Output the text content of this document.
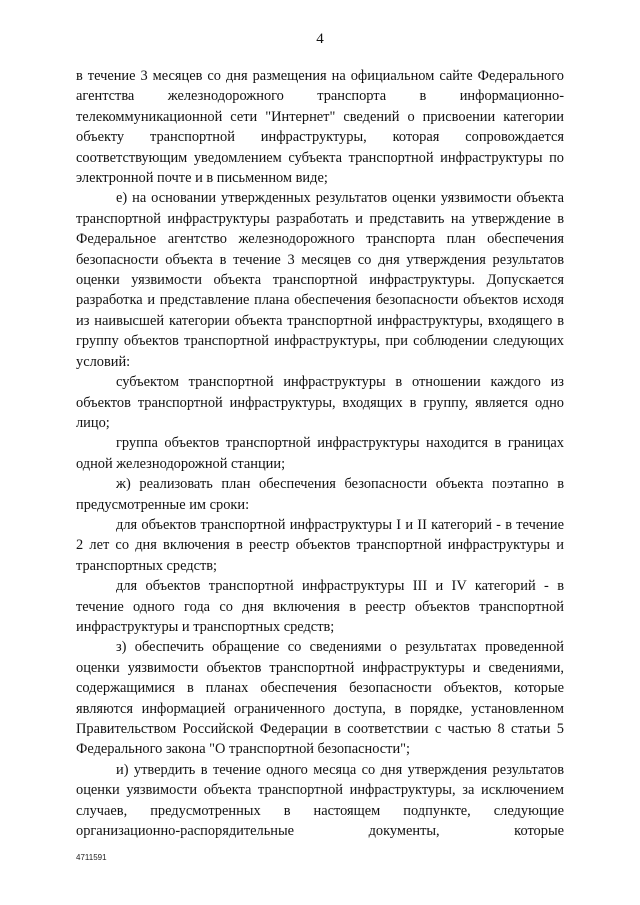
4

в течение 3 месяцев со дня размещения на официальном сайте Федерального агентства железнодорожного транспорта в информационно-телекоммуникационной сети "Интернет" сведений о присвоении категории объекту транспортной инфраструктуры, которая сопровождается соответствующим уведомлением субъекта транспортной инфраструктуры по электронной почте и в письменном виде;

е) на основании утвержденных результатов оценки уязвимости объекта транспортной инфраструктуры разработать и представить на утверждение в Федеральное агентство железнодорожного транспорта план обеспечения безопасности объекта в течение 3 месяцев со дня утверждения результатов оценки уязвимости объекта транспортной инфраструктуры. Допускается разработка и представление плана обеспечения безопасности объектов исходя из наивысшей категории объекта транспортной инфраструктуры, входящего в группу объектов транспортной инфраструктуры, при соблюдении следующих условий:

субъектом транспортной инфраструктуры в отношении каждого из объектов транспортной инфраструктуры, входящих в группу, является одно лицо;

группа объектов транспортной инфраструктуры находится в границах одной железнодорожной станции;

ж) реализовать план обеспечения безопасности объекта поэтапно в предусмотренные им сроки:

для объектов транспортной инфраструктуры I и II категорий - в течение 2 лет со дня включения в реестр объектов транспортной инфраструктуры и транспортных средств;

для объектов транспортной инфраструктуры III и IV категорий - в течение одного года со дня включения в реестр объектов транспортной инфраструктуры и транспортных средств;

з) обеспечить обращение со сведениями о результатах проведенной оценки уязвимости объектов транспортной инфраструктуры и сведениями, содержащимися в планах обеспечения безопасности объектов, которые являются информацией ограниченного доступа, в порядке, установленном Правительством Российской Федерации в соответствии с частью 8 статьи 5 Федерального закона "О транспортной безопасности";

и) утвердить в течение одного месяца со дня утверждения результатов оценки уязвимости объекта транспортной инфраструктуры, за исключением случаев, предусмотренных в настоящем подпункте, следующие организационно-распорядительные документы, которые

4711591
